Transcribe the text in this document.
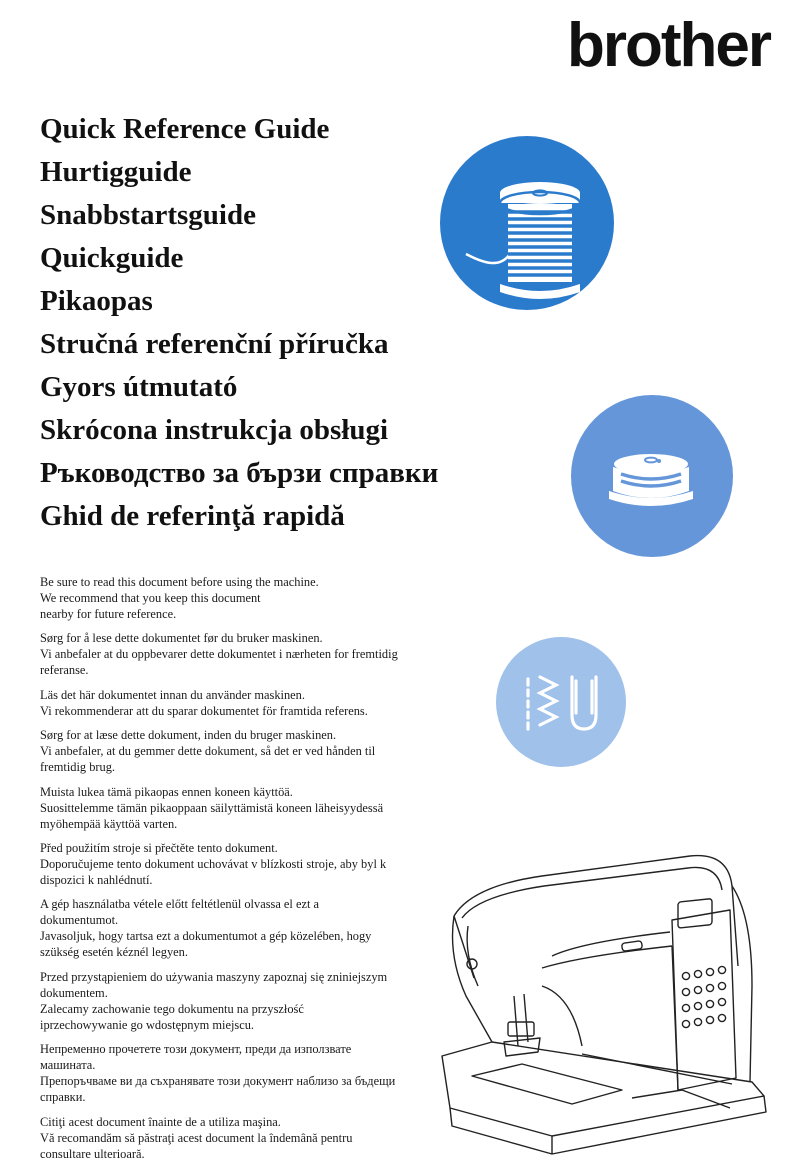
brother
Quick Reference Guide
Hurtigguide
Snabbstartsguide
Quickguide
Pikaopas
Stručná referenční příručka
Gyors útmutató
Skrócona instrukcja obsługi
Ръководство за бързи справки
Ghid de referinţă rapidă

Be sure to read this document before using the machine.
We recommend that you keep this document
nearby for future reference.

Sørg for å lese dette dokumentet før du bruker maskinen.
Vi anbefaler at du oppbevarer dette dokumentet i nærheten for fremtidig
referanse.

Läs det här dokumentet innan du använder maskinen.
Vi rekommenderar att du sparar dokumentet för framtida referens.

Sørg for at læse dette dokument, inden du bruger maskinen.
Vi anbefaler, at du gemmer dette dokument, så det er ved hånden til
fremtidig brug.

Muista lukea tämä pikaopas ennen koneen käyttöä.
Suosittelemme tämän pikaoppaan säilyttämistä koneen läheisyydessä
myöhempää käyttöä varten.

Před použitím stroje si přečtěte tento dokument.
Doporučujeme tento dokument uchovávat v blízkosti stroje, aby byl k
dispozici k nahlédnutí.

A gép használatba vétele előtt feltétlenül olvassa el ezt a
dokumentumot.
Javasoljuk, hogy tartsa ezt a dokumentumot a gép közelében, hogy
szükség esetén kéznél legyen.

Przed przystąpieniem do używania maszyny zapoznaj się zniniejszym
dokumentem.
Zalecamy zachowanie tego dokumentu na przyszłość
iprzechowywanie go wdostępnym miejscu.

Непременно прочетете този документ, преди да използвате
машината.
Препоръчваме ви да съхранявате този документ наблизо за бъдещи
справки.

Citiţi acest document înainte de a utiliza maşina.
Vă recomandăm să păstraţi acest document la îndemână pentru
consultare ulterioară.
